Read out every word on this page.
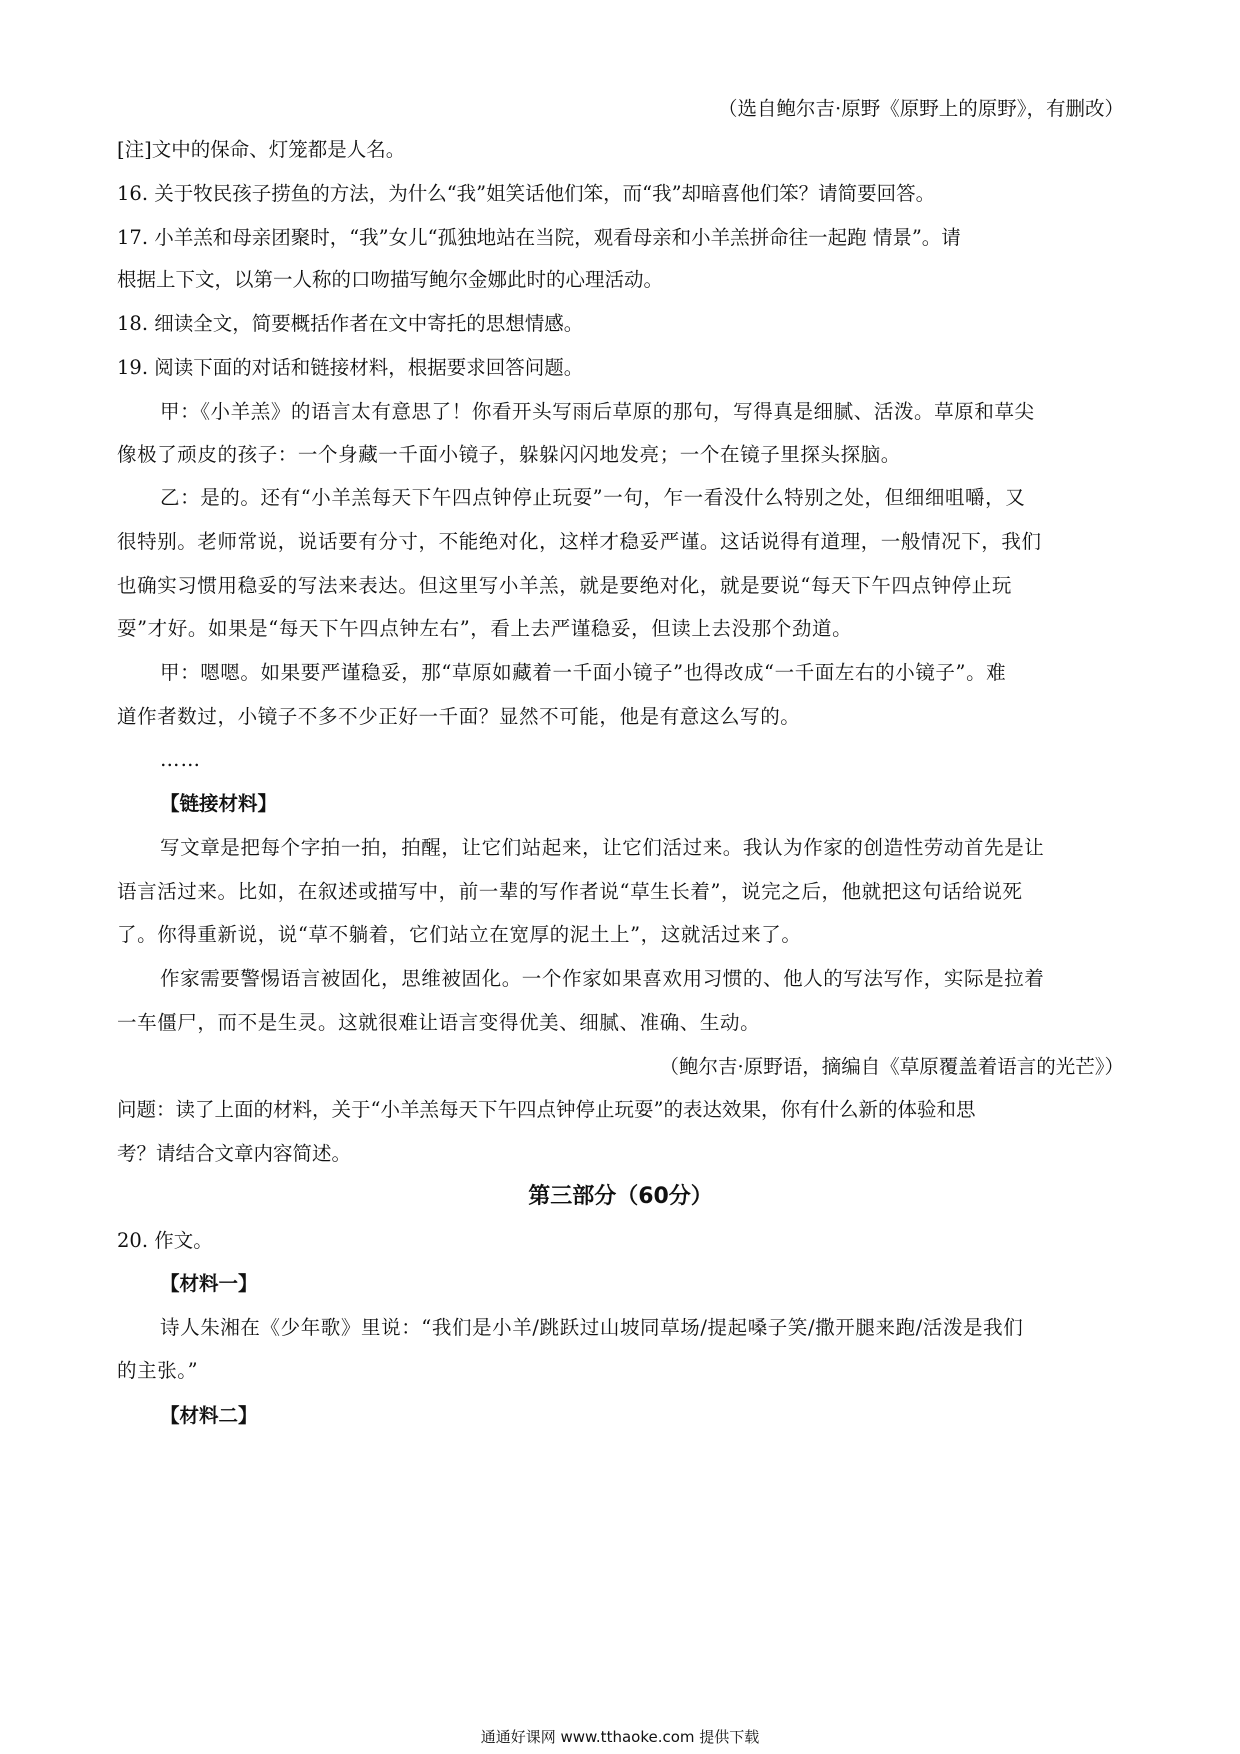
（选自鲍尔吉·原野《原野上的原野》，有删改）
[注]文中的保命、灯笼都是人名。
16. 关于牧民孩子捞鱼的方法，为什么“我”姐笑话他们笨，而“我”却暗喜他们笨？请简要回答。
17. 小羊羔和母亲团聚时，“我”女儿“孤独地站在当院，观看母亲和小羊羔拼命往一起跑 情景”。请
根据上下文，以第一人称的口吻描写鲍尔金娜此时的心理活动。
18. 细读全文，简要概括作者在文中寄托的思想情感。
19. 阅读下面的对话和链接材料，根据要求回答问题。
甲：《小羊羔》的语言太有意思了！你看开头写雨后草原的那句，写得真是细腻、活泼。草原和草尖
像极了顽皮的孩子：一个身藏一千面小镜子，躲躲闪闪地发亮；一个在镜子里探头探脑。
乙：是的。还有“小羊羔每天下午四点钟停止玩耍”一句，乍一看没什么特别之处，但细细咀嚼，又
很特别。老师常说，说话要有分寸，不能绝对化，这样才稳妥严谨。这话说得有道理，一般情况下，我们
也确实习惯用稳妥的写法来表达。但这里写小羊羔，就是要绝对化，就是要说“每天下午四点钟停止玩
耍”才好。如果是“每天下午四点钟左右”，看上去严谨稳妥，但读上去没那个劲道。
甲：嗯嗯。如果要严谨稳妥，那“草原如藏着一千面小镜子”也得改成“一千面左右的小镜子”。难
道作者数过，小镜子不多不少正好一千面？显然不可能，他是有意这么写的。
……
【链接材料】
写文章是把每个字拍一拍，拍醒，让它们站起来，让它们活过来。我认为作家的创造性劳动首先是让
语言活过来。比如，在叙述或描写中，前一辈的写作者说“草生长着”，说完之后，他就把这句话给说死
了。你得重新说，说“草不躺着，它们站立在宽厚的泥土上”，这就活过来了。
作家需要警惕语言被固化，思维被固化。一个作家如果喜欢用习惯的、他人的写法写作，实际是拉着
一车僵尸，而不是生灵。这就很难让语言变得优美、细腻、准确、生动。
（鲍尔吉·原野语，摘编自《草原覆盖着语言的光芒》）
问题：读了上面的材料，关于“小羊羔每天下午四点钟停止玩耍”的表达效果，你有什么新的体验和思
考？请结合文章内容简述。
第三部分（60分）
20. 作文。
【材料一】
诗人朱湘在《少年歌》里说：“我们是小羊/跳跃过山坡同草场/提起嗓子笑/撒开腿来跑/活泼是我们
的主张。”
【材料二】
通通好课网 www.tthaoke.com 提供下载
